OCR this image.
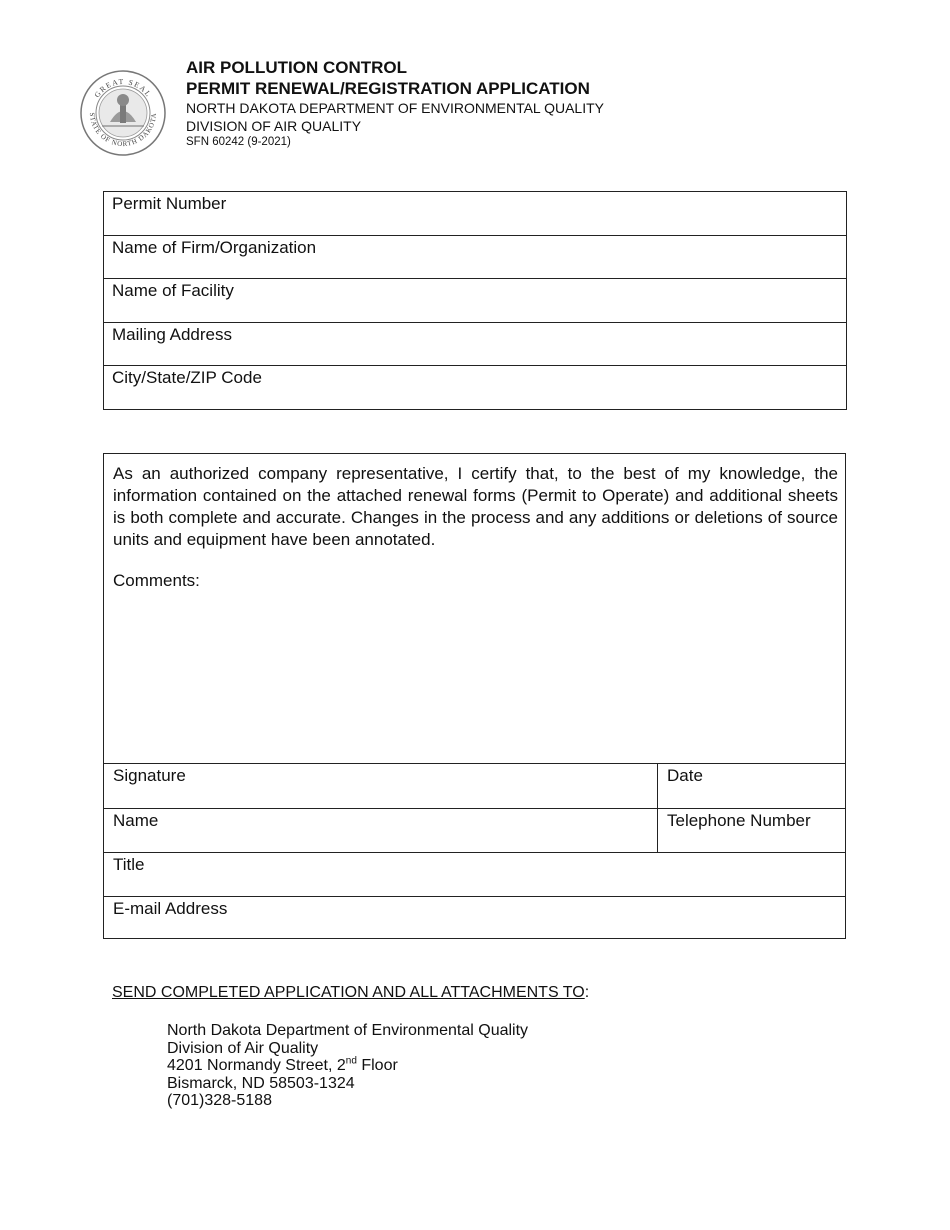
GREAT SEAL
STATE OF NORTH DAKOTA
AIR POLLUTION CONTROL
PERMIT RENEWAL/REGISTRATION APPLICATION
NORTH DAKOTA DEPARTMENT OF ENVIRONMENTAL QUALITY
DIVISION OF AIR QUALITY
SFN 60242 (9-2021)
Permit Number
Name of Firm/Organization
Name of Facility
Mailing Address
City/State/ZIP Code
As an authorized company representative, I certify that, to the best of my knowledge, the information contained on the attached renewal forms (Permit to Operate) and additional sheets is both complete and accurate. Changes in the process and any additions or deletions of source units and equipment have been annotated.
Comments:
Signature	Date
Name	Telephone Number
Title
E-mail Address
SEND COMPLETED APPLICATION AND ALL ATTACHMENTS TO:
North Dakota Department of Environmental Quality
Division of Air Quality
4201 Normandy Street, 2nd Floor
Bismarck, ND 58503-1324
(701)328-5188
